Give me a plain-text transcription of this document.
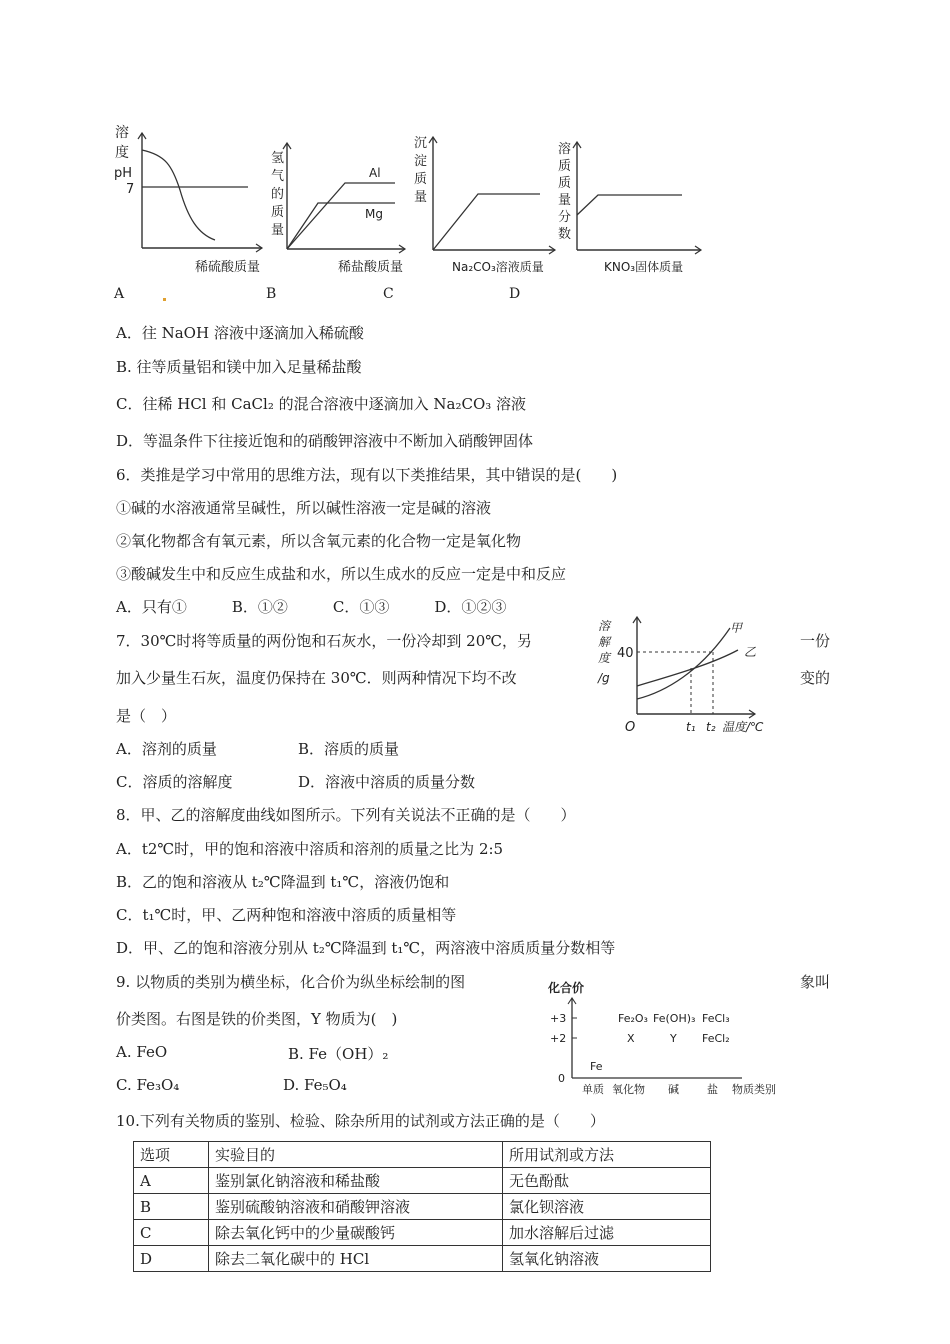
溶
度
pH
7
稀硫酸质量
Al
Mg
氢
气
的
质
量
稀盐酸质量
沉
淀
质
量
Na₂CO₃溶液质量
溶
质
质
量
分
数
KNO₃固体质量
A	B	C	D
A．往 NaOH 溶液中逐滴加入稀硫酸
B. 往等质量铝和镁中加入足量稀盐酸
C．往稀 HCl 和 CaCl₂ 的混合溶液中逐滴加入 Na₂CO₃ 溶液
D．等温条件下往接近饱和的硝酸钾溶液中不断加入硝酸钾固体
6．类推是学习中常用的思维方法，现有以下类推结果，其中错误的是(　　)
①碱的水溶液通常呈碱性，所以碱性溶液一定是碱的溶液
②氧化物都含有氧元素，所以含氧元素的化合物一定是氧化物
③酸碱发生中和反应生成盐和水，所以生成水的反应一定是中和反应
A．只有①　　　B．①②　　　C．①③　　　D．①②③
7．30℃时将等质量的两份饱和石灰水，一份冷却到 20℃，另	一份
加入少量生石灰，温度仍保持在 30℃．则两种情况下均不改	变的
是（　）
A．溶剂的质量	B．溶质的质量
C．溶质的溶解度	D．溶液中溶质的质量分数
溶
解
度
/g
40
O	t₁ t₂ 温度/℃
甲
乙
8．甲、乙的溶解度曲线如图所示。下列有关说法不正确的是（　　）
A．t2℃时，甲的饱和溶液中溶质和溶剂的质量之比为 2:5
B．乙的饱和溶液从 t₂℃降温到 t₁℃，溶液仍饱和
C．t₁℃时，甲、乙两种饱和溶液中溶质的质量相等
D．甲、乙的饱和溶液分别从 t₂℃降温到 t₁℃，两溶液中溶质质量分数相等
9. 以物质的类别为横坐标，化合价为纵坐标绘制的图	象叫
价类图。右图是铁的价类图，Y 物质为(　)
A. FeO	B. Fe（OH）₂
C. Fe₃O₄	D. Fe₅O₄
化合价
+3
+2
0
Fe
Fe₂O₃ Fe(OH)₃ FeCl₃
X	Y FeCl₂
单质 氧化物 碱	盐 物质类别
10.下列有关物质的鉴别、检验、除杂所用的试剂或方法正确的是（　　）
选项	实验目的	所用试剂或方法
A	鉴别氯化钠溶液和稀盐酸	无色酚酞
B	鉴别硫酸钠溶液和硝酸钾溶液	氯化钡溶液
C	除去氧化钙中的少量碳酸钙	加水溶解后过滤
D	除去二氧化碳中的 HCl	氢氧化钠溶液
